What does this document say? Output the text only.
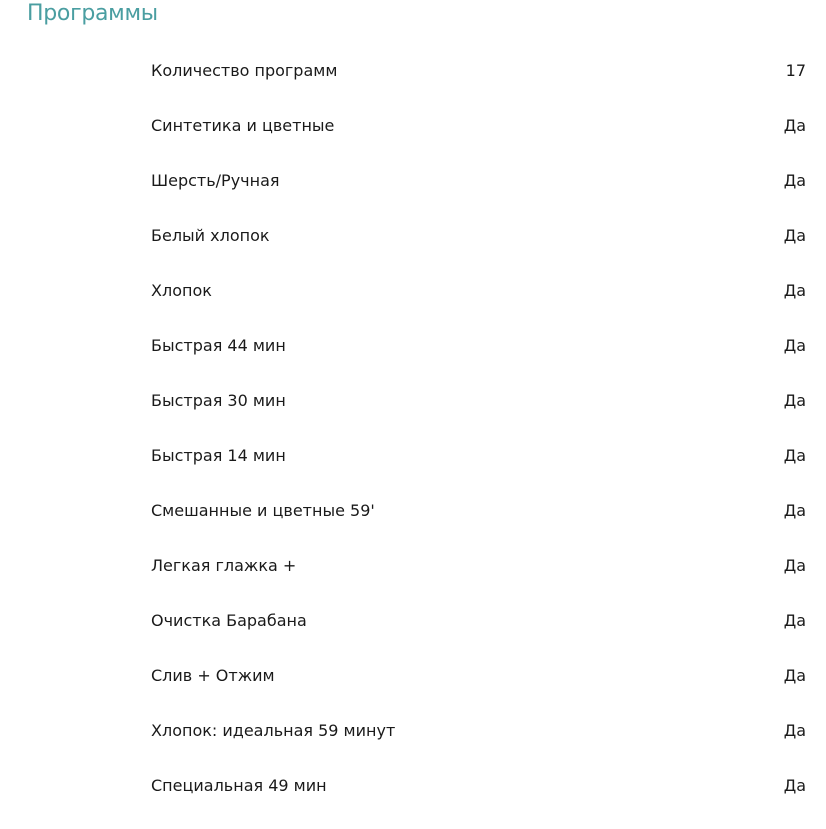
Программы
Количество программ	17
Синтетика и цветные	Да
Шерсть/Ручная	Да
Белый хлопок	Да
Хлопок	Да
Быстрая 44 мин	Да
Быстрая 30 мин	Да
Быстрая 14 мин	Да
Смешанные и цветные 59'	Да
Легкая глажка +	Да
Очистка Барабана	Да
Слив + Отжим	Да
Хлопок: идеальная 59 минут	Да
Специальная 49 мин	Да
